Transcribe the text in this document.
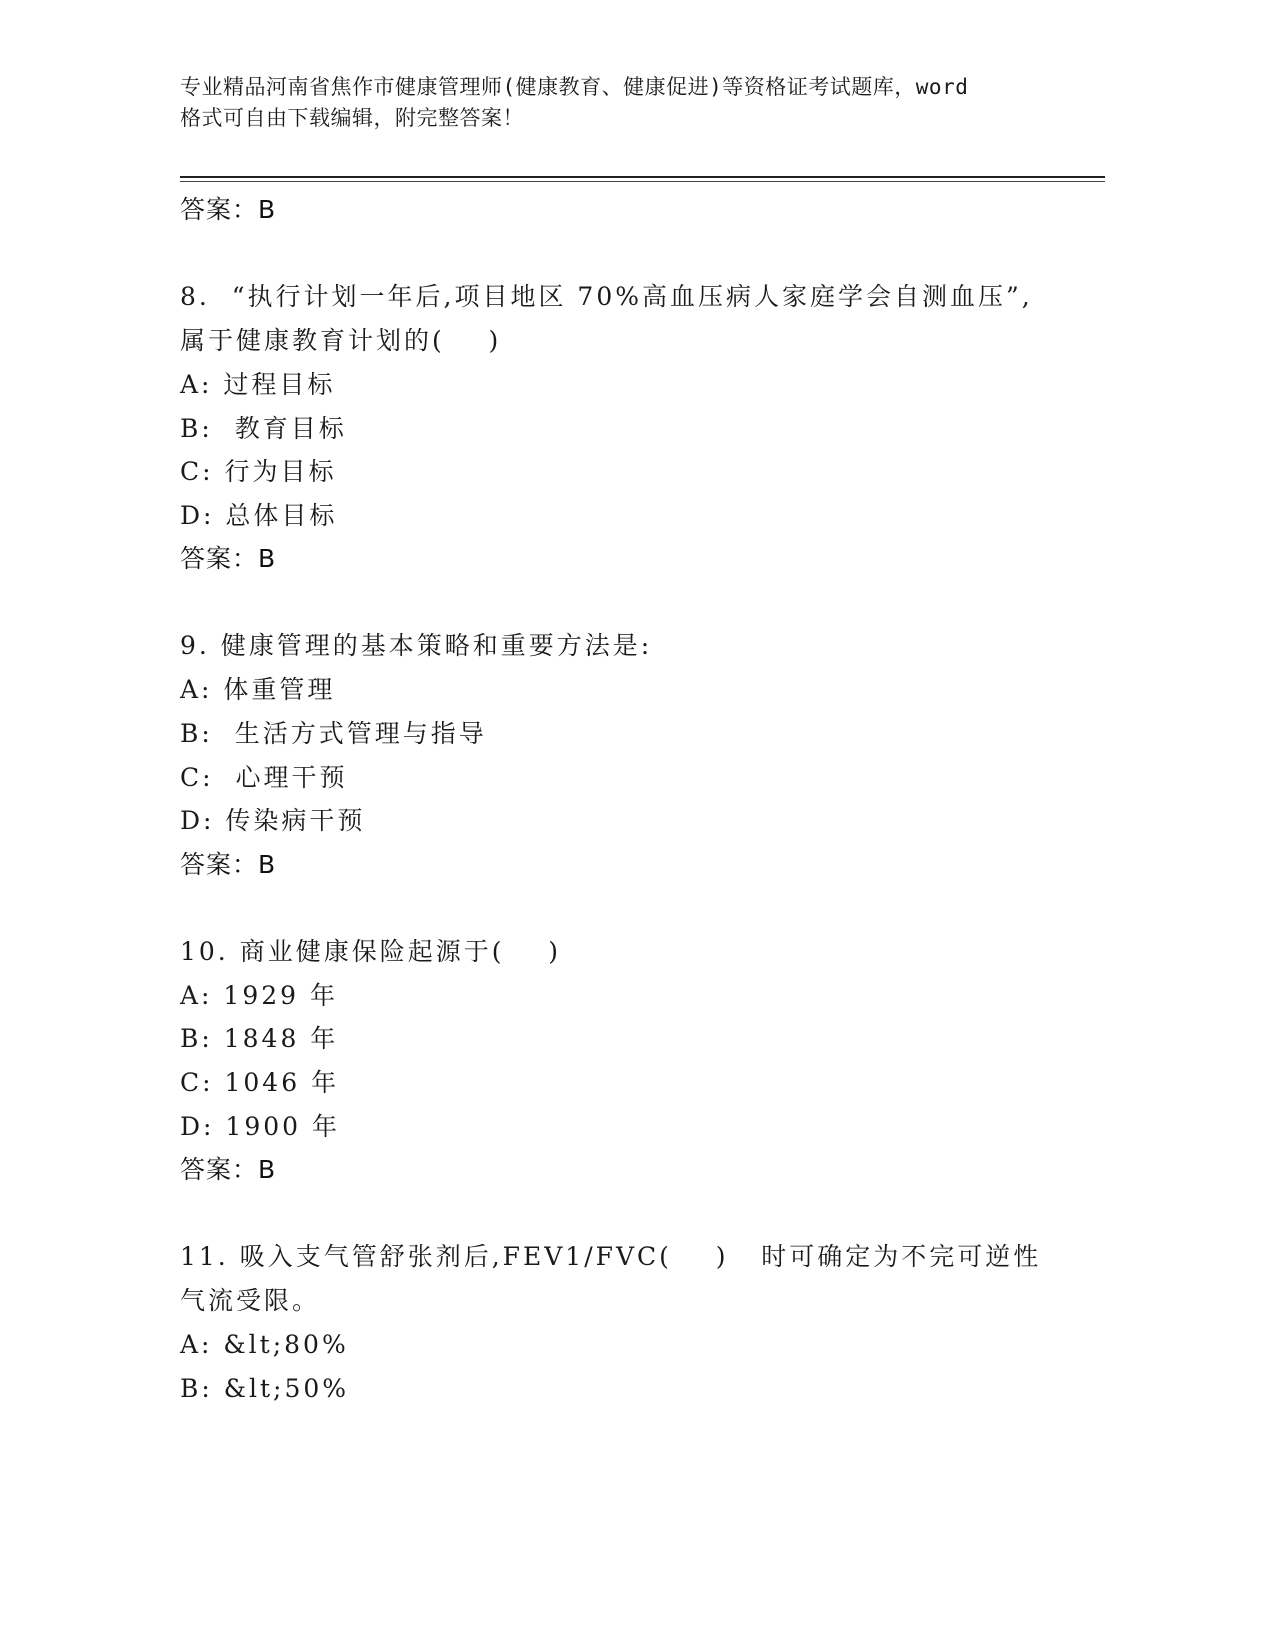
专业精品河南省焦作市健康管理师(健康教育、健康促进)等资格证考试题库，word
格式可自由下载编辑，附完整答案！
答案：B
8.  “执行计划一年后,项目地区 70%高血压病人家庭学会自测血压”,
属于健康教育计划的(    )
A: 过程目标
B:  教育目标
C: 行为目标
D: 总体目标
答案：B
9. 健康管理的基本策略和重要方法是:
A: 体重管理
B:  生活方式管理与指导
C:  心理干预
D: 传染病干预
答案：B
10. 商业健康保险起源于(    )
A: 1929 年
B: 1848 年
C: 1046 年
D: 1900 年
答案：B
11. 吸入支气管舒张剂后,FEV1/FVC(    )   时可确定为不完可逆性
气流受限。
A: &lt;80%
B: &lt;50%
